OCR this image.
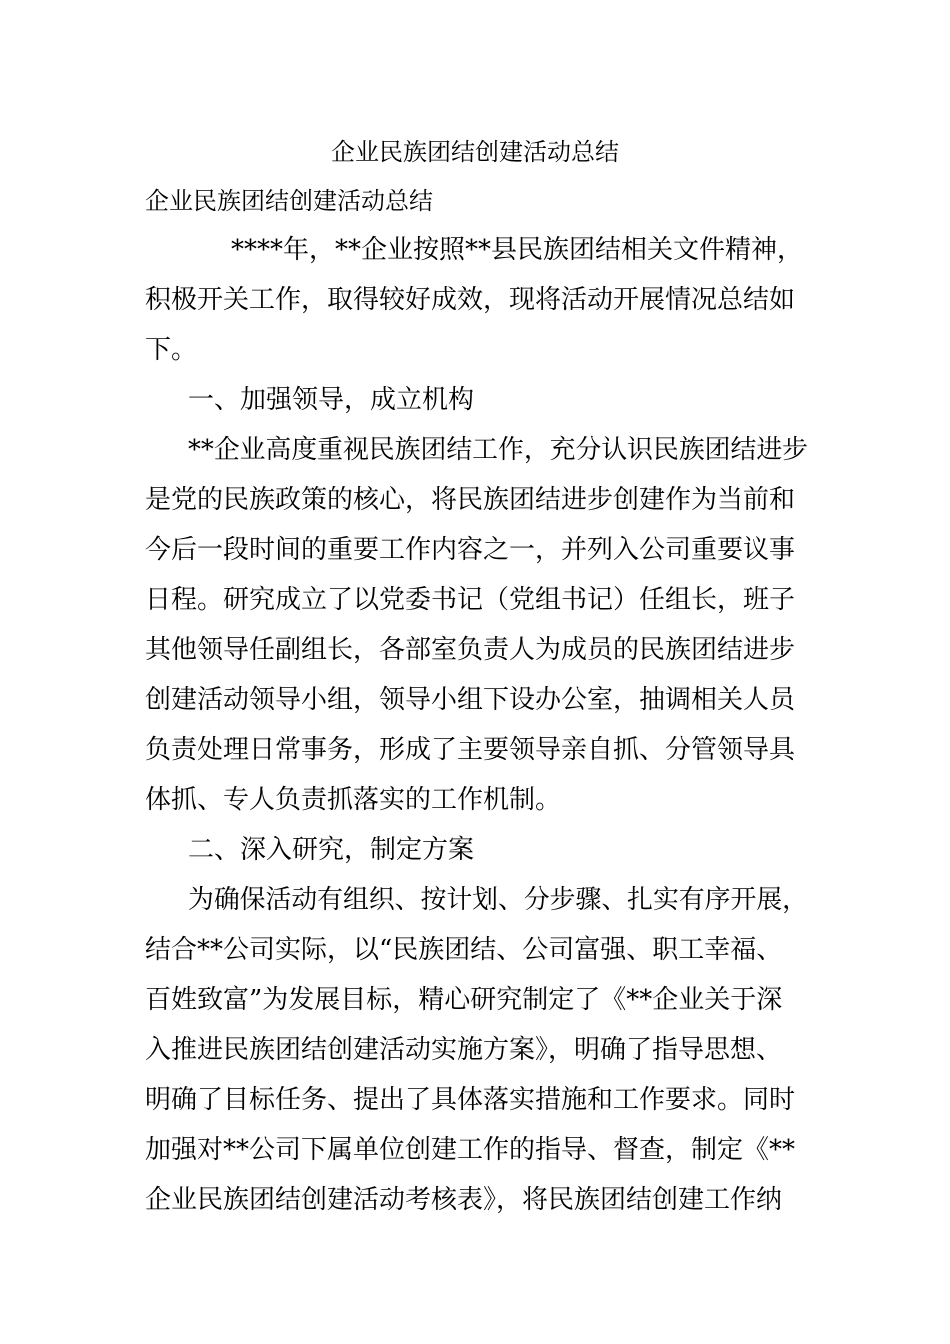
企业民族团结创建活动总结
企业民族团结创建活动总结

****年，**企业按照**县民族团结相关文件精神，

积极开关工作，取得较好成效，现将活动开展情况总结如

下。

一、加强领导，成立机构

**企业高度重视民族团结工作，充分认识民族团结进步

是党的民族政策的核心，将民族团结进步创建作为当前和

今后一段时间的重要工作内容之一，并列入公司重要议事

日程。研究成立了以党委书记（党组书记）任组长，班子

其他领导任副组长，各部室负责人为成员的民族团结进步

创建活动领导小组，领导小组下设办公室，抽调相关人员

负责处理日常事务，形成了主要领导亲自抓、分管领导具

体抓、专人负责抓落实的工作机制。

二、深入研究，制定方案

为确保活动有组织、按计划、分步骤、扎实有序开展，

结合**公司实际，以“民族团结、公司富强、职工幸福、

百姓致富”为发展目标，精心研究制定了《**企业关于深

入推进民族团结创建活动实施方案》，明确了指导思想、

明确了目标任务、提出了具体落实措施和工作要求。同时

加强对**公司下属单位创建工作的指导、督查，制定《**

企业民族团结创建活动考核表》，将民族团结创建工作纳
